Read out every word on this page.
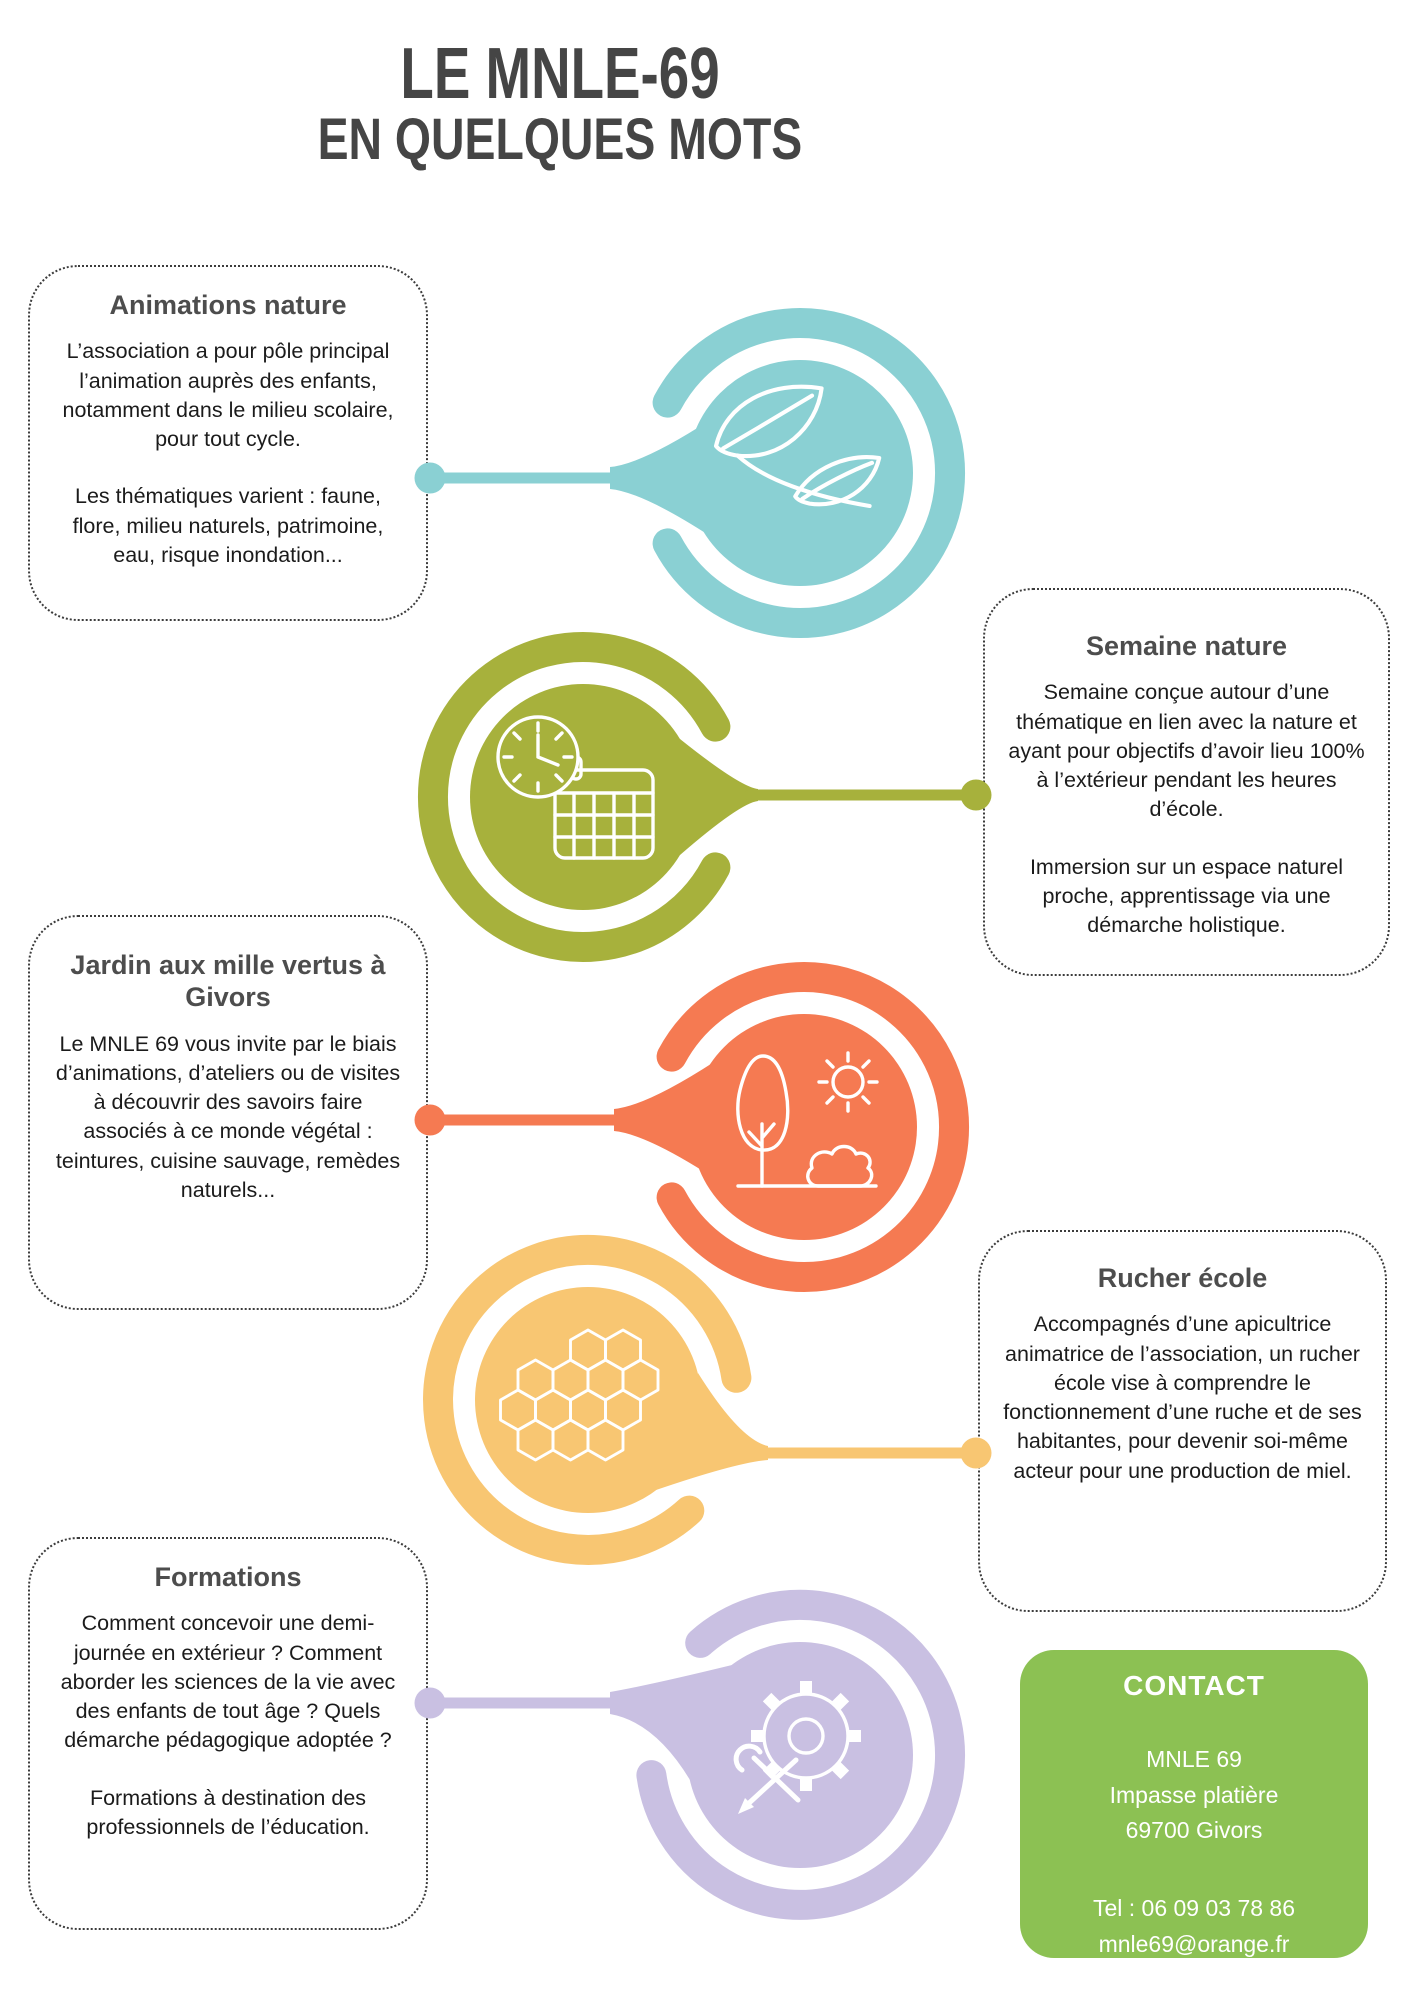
LE MNLE-69
EN QUELQUES MOTS
Animations nature

L’association a pour pôle principal l’animation auprès des enfants, notamment dans le milieu scolaire, pour tout cycle.

Les thématiques varient : faune, flore, milieu naturels, patrimoine, eau, risque inondation...

Semaine nature

Semaine conçue autour d’une thématique en lien avec la nature et ayant pour objectifs d’avoir lieu 100% à l’extérieur pendant les heures d’école.

Immersion sur un espace naturel proche, apprentissage via une démarche holistique.

Jardin aux mille vertus à Givors

Le MNLE 69 vous invite par le biais d’animations, d’ateliers ou de visites à découvrir des savoirs faire associés à ce monde végétal : teintures, cuisine sauvage, remèdes naturels...

Rucher école

Accompagnés d’une apicultrice animatrice de l’association, un rucher école vise à comprendre le fonctionnement d’une ruche et de ses habitantes, pour devenir soi-même acteur pour une production de miel.

Formations

Comment concevoir une demi-journée en extérieur ? Comment aborder les sciences de la vie avec des enfants de tout âge ? Quels démarche pédagogique adoptée ?

Formations à destination des professionnels de l’éducation.

CONTACT
MNLE 69
Impasse platière
69700 Givors
Tel : 06 09 03 78 86
mnle69@orange.fr
